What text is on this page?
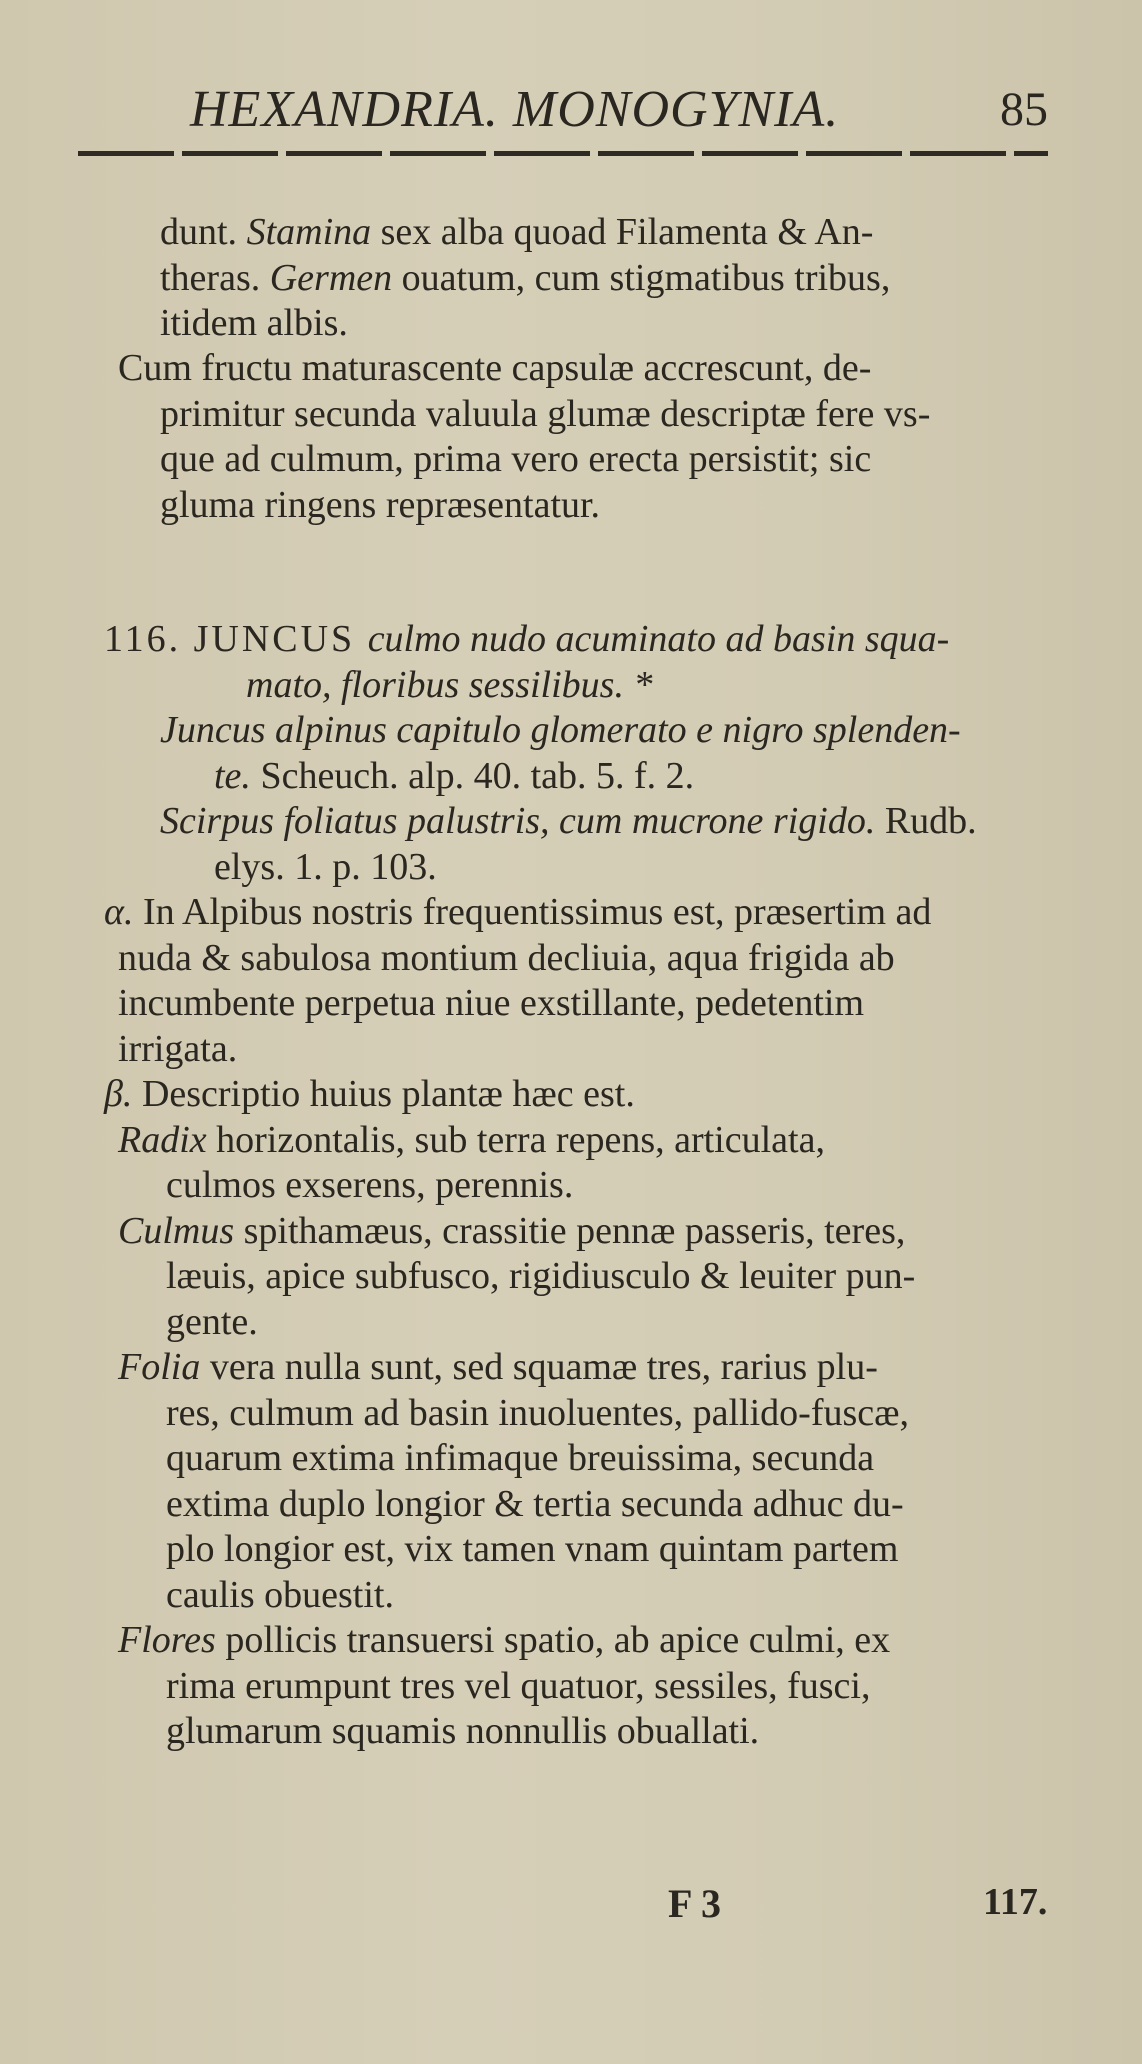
HEXANDRIA. MONOGYNIA.	85
dunt. Stamina sex alba quoad Filamenta & An-
theras. Germen ouatum, cum stigmatibus tribus,
itidem albis.
Cum fructu maturascente capsulæ accrescunt, de-
primitur secunda valuula glumæ descriptæ fere vs-
que ad culmum, prima vero erecta persistit; sic
gluma ringens repræsentatur.
116. JUNCUS culmo nudo acuminato ad basin squa-
mato, floribus sessilibus. *
Juncus alpinus capitulo glomerato e nigro splenden-
te. Scheuch. alp. 40. tab. 5. f. 2.
Scirpus foliatus palustris, cum mucrone rigido. Rudb.
elys. 1. p. 103.
α. In Alpibus nostris frequentissimus est, præsertim ad
nuda & sabulosa montium decliuia, aqua frigida ab
incumbente perpetua niue exstillante, pedetentim
irrigata.
β. Descriptio huius plantæ hæc est.
Radix horizontalis, sub terra repens, articulata,
culmos exserens, perennis.
Culmus spithamæus, crassitie pennæ passeris, teres,
læuis, apice subfusco, rigidiusculo & leuiter pun-
gente.
Folia vera nulla sunt, sed squamæ tres, rarius plu-
res, culmum ad basin inuoluentes, pallido-fuscæ,
quarum extima infimaque breuissima, secunda
extima duplo longior & tertia secunda adhuc du-
plo longior est, vix tamen vnam quintam partem
caulis obuestit.
Flores pollicis transuersi spatio, ab apice culmi, ex
rima erumpunt tres vel quatuor, sessiles, fusci,
glumarum squamis nonnullis obuallati.
F 3	117.
